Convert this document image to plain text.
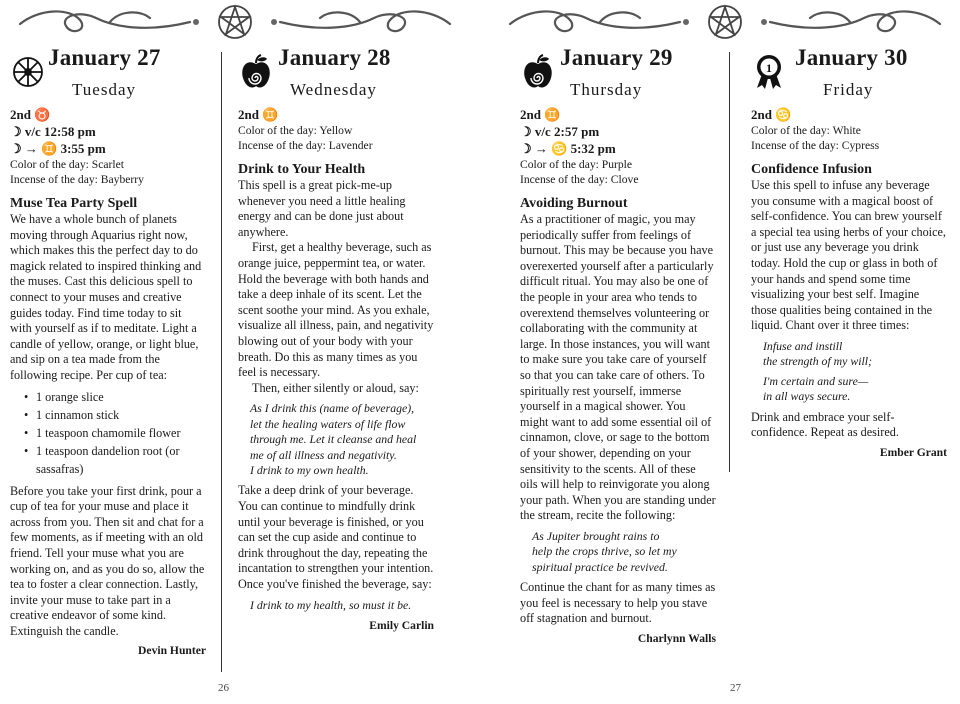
January 27
Tuesday
2nd ♉
☽ v/c 12:58 pm
☽ → ♊ 3:55 pm
Color of the day: Scarlet
Incense of the day: Bayberry
Muse Tea Party Spell

We have a whole bunch of planets moving through Aquarius right now, which makes this the perfect day to do magick related to inspired thinking and the muses. Cast this delicious spell to connect to your muses and creative guides today. Find time today to sit with yourself as if to meditate. Light a candle of yellow, orange, or light blue, and sip on a tea made from the following recipe. Per cup of tea:

• 1 orange slice
• 1 cinnamon stick
• 1 teaspoon chamomile flower
• 1 teaspoon dandelion root (or sassafras)

Before you take your first drink, pour a cup of tea for your muse and place it across from you. Then sit and chat for a few moments, as if meeting with an old friend. Tell your muse what you are working on, and as you do so, allow the tea to foster a clear connection. Lastly, invite your muse to take part in a creative endeavor of some kind. Extinguish the candle.

Devin Hunter
January 28
Wednesday
2nd ♊
Color of the day: Yellow
Incense of the day: Lavender
Drink to Your Health

This spell is a great pick-me-up whenever you need a little healing energy and can be done just about anywhere.

First, get a healthy beverage, such as orange juice, peppermint tea, or water. Hold the beverage with both hands and take a deep inhale of its scent. Let the scent soothe your mind. As you exhale, visualize all illness, pain, and negativity blowing out of your body with your breath. Do this as many times as you feel is necessary.

Then, either silently or aloud, say:

As I drink this (name of beverage),

let the healing waters of life flow

through me. Let it cleanse and heal

me of all illness and negativity.

I drink to my own health.

Take a deep drink of your beverage. You can continue to mindfully drink until your beverage is finished, or you can set the cup aside and continue to drink throughout the day, repeating the incantation to strengthen your intention. Once you've finished the beverage, say:

I drink to my health, so must it be.
Emily Carlin
26
January 29
Thursday
2nd ♊
☽ v/c 2:57 pm
☽ → ♋ 5:32 pm
Color of the day: Purple
Incense of the day: Clove
Avoiding Burnout

As a practitioner of magic, you may periodically suffer from feelings of burnout. This may be because you have overexerted yourself after a particularly difficult ritual. You may also be one of the people in your area who tends to overextend themselves volunteering or collaborating with the community at large. In those instances, you will want to make sure you take care of yourself so that you can take care of others. To spiritually rest yourself, immerse yourself in a magical shower. You might want to add some essential oil of cinnamon, clove, or sage to the bottom of your shower, depending on your sensitivity to the scents. All of these oils will help to reinvigorate you along your path. When you are standing under the stream, recite the following:

As Jupiter brought rains to

help the crops thrive, so let my

spiritual practice be revived.

Continue the chant for as many times as you feel is necessary to help you stave off stagnation and burnout.

Charlynn Walls
1 January 30
Friday
2nd ♋
Color of the day: White
Incense of the day: Cypress
Confidence Infusion

Use this spell to infuse any beverage you consume with a magical boost of self-confidence. You can brew yourself a special tea using herbs of your choice, or just use any beverage you drink today. Hold the cup or glass in both of your hands and spend some time visualizing your best self. Imagine those qualities being contained in the liquid. Chant over it three times:

Infuse and instill

the strength of my will;

I'm certain and sure—

in all ways secure.

Drink and embrace your self-confidence. Repeat as desired.

Ember Grant
27
